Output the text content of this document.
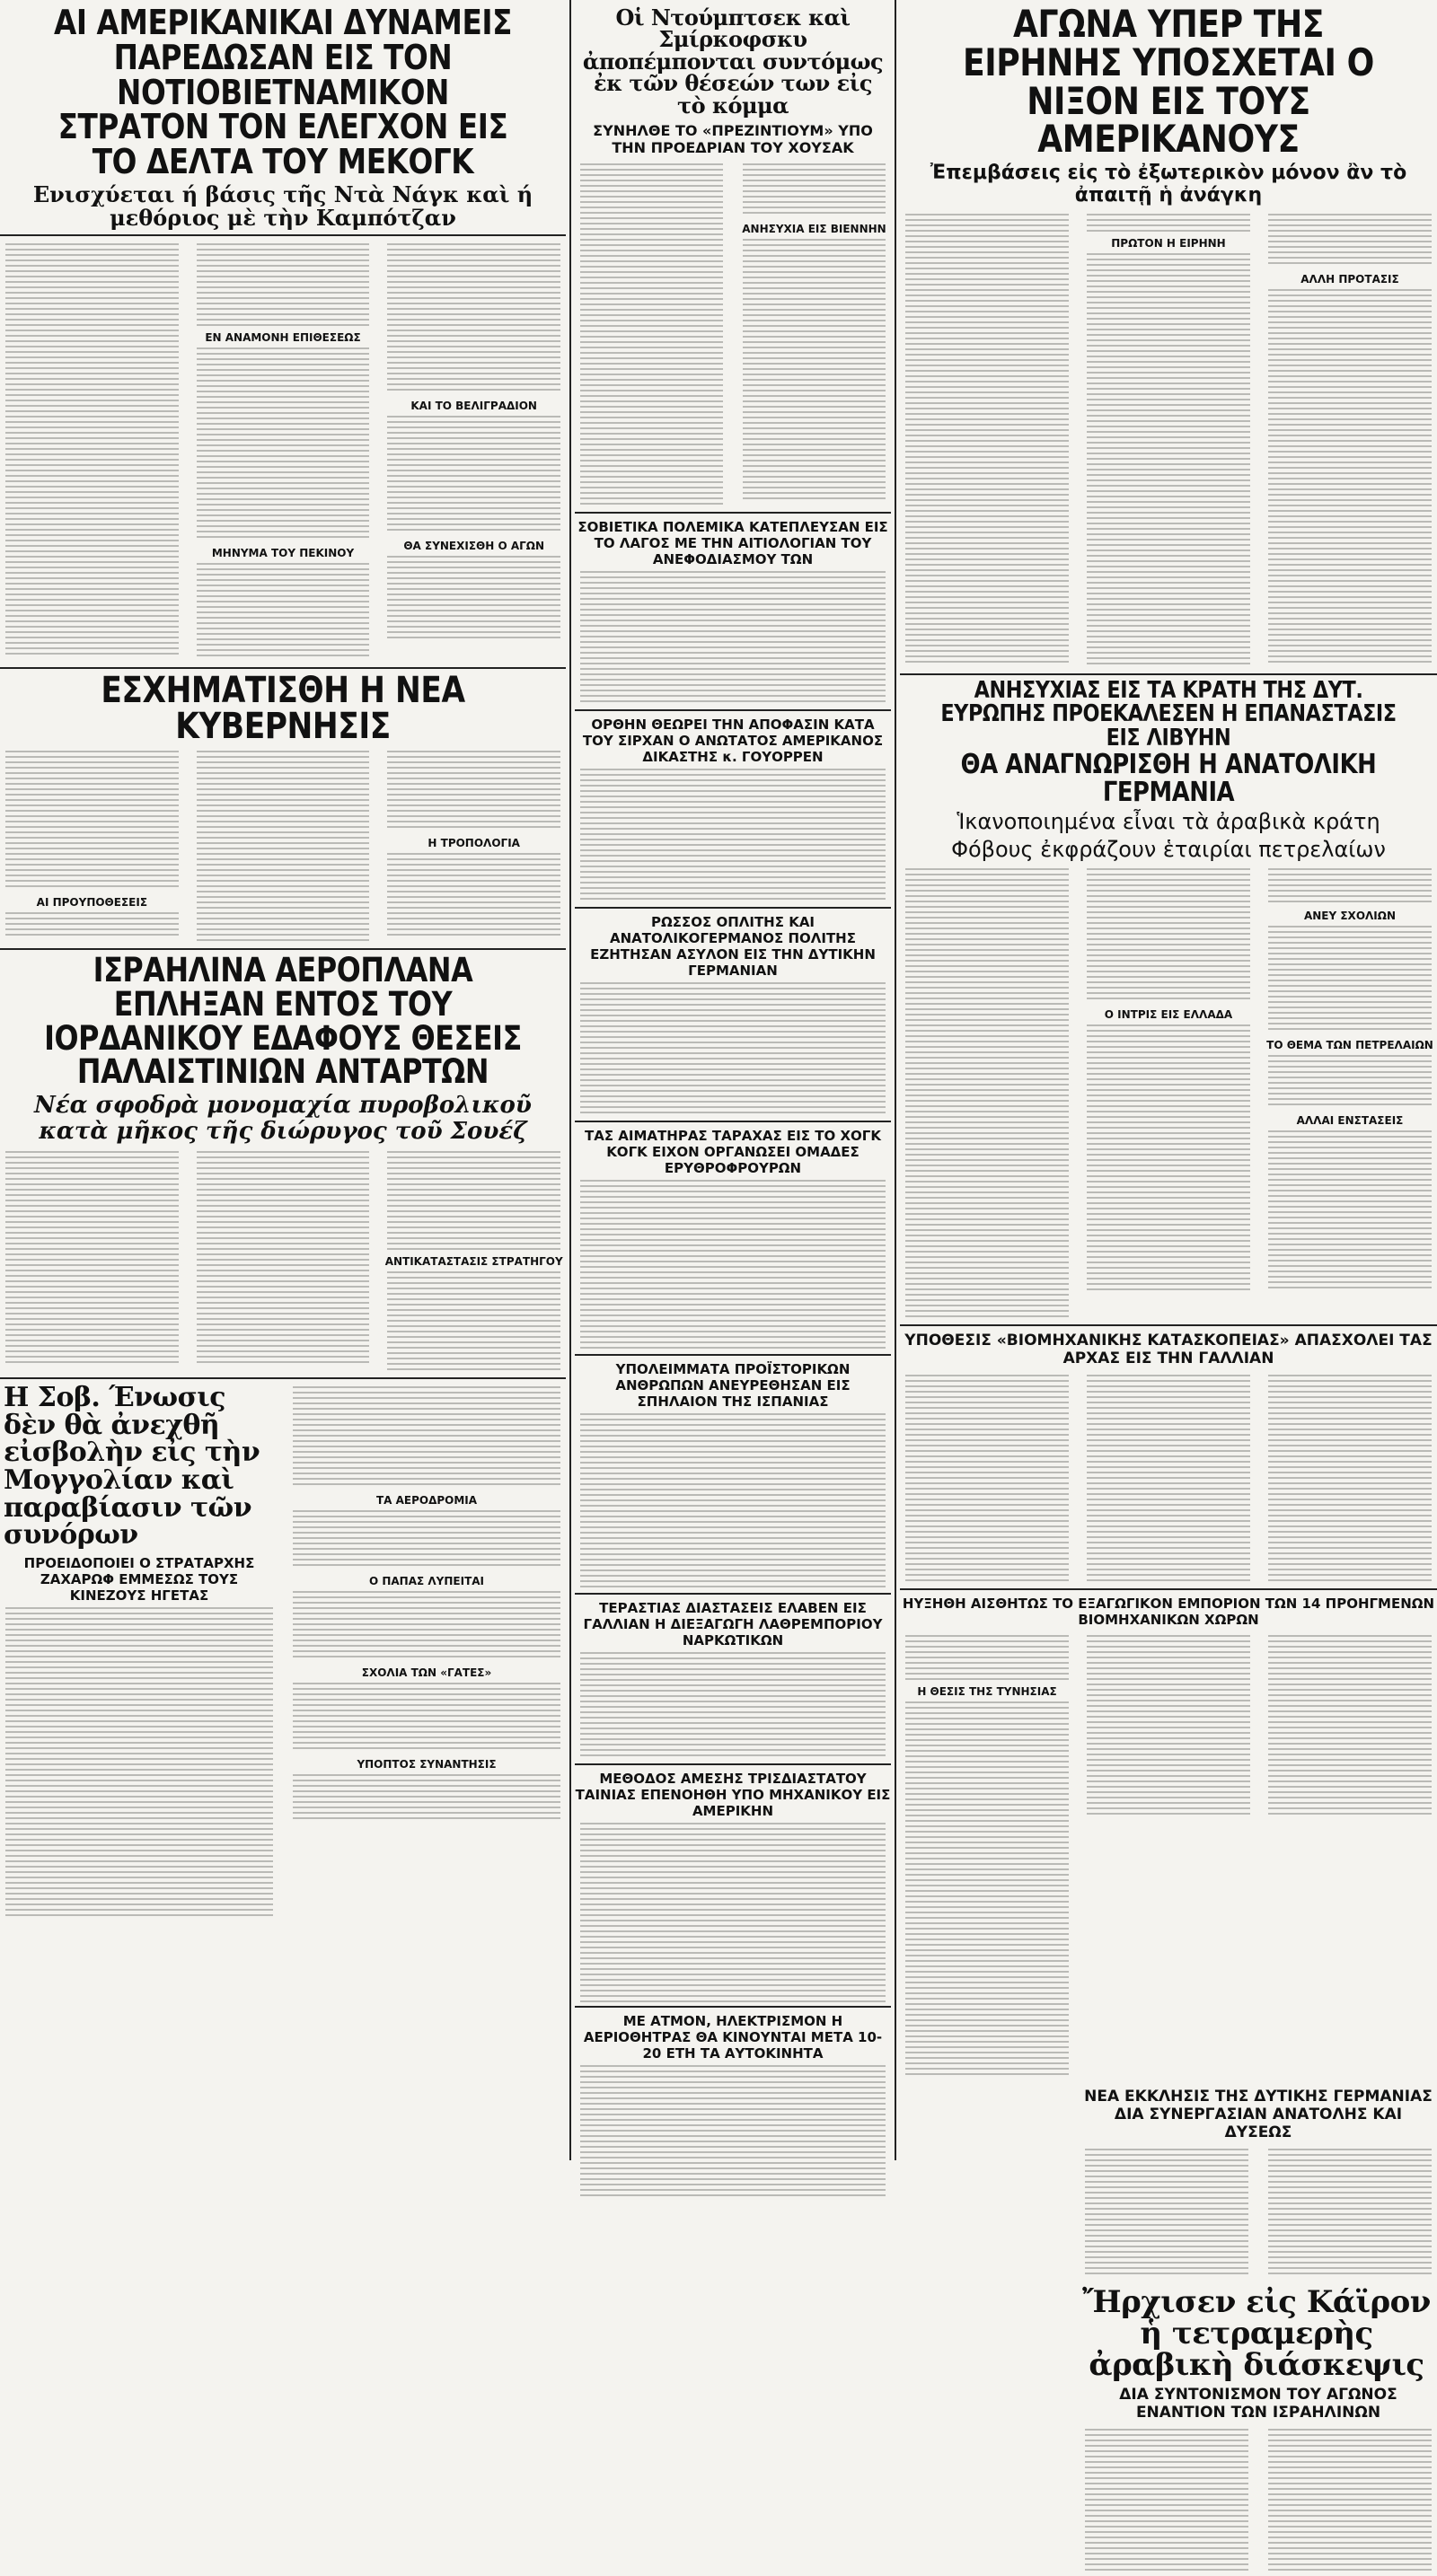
ΑΙ ΑΜΕΡΙΚΑΝΙΚΑΙ ΔΥΝΑΜΕΙΣ ΠΑΡΕΔΩΣΑΝ ΕΙΣ ΤΟΝ ΝΟΤΙΟΒΙΕΤΝΑΜΙΚΟΝ ΣΤΡΑΤΟΝ ΤΟΝ ΕΛΕΓΧΟΝ ΕΙΣ ΤΟ ΔΕΛΤΑ ΤΟΥ ΜΕΚΟΓΚ
Ενισχύεται ή βάσις τῆς Ντὰ Νάγκ καὶ ή μεθόριος μὲ τὴν Καμπότζαν
ΕΝ ΑΝΑΜΟΝΗ ΕΠΙΘΕΣΕΩΣ
ΜΗΝΥΜΑ ΤΟΥ ΠΕΚΙΝΟΥ
ΚΑΙ ΤΟ ΒΕΛΙΓΡΑΔΙΟΝ
ΘΑ ΣΥΝΕΧΙΣΘΗ Ο ΑΓΩΝ
ΕΣΧΗΜΑΤΙΣΘΗ Η ΝΕΑ ΚΥΒΕΡΝΗΣΙΣ
ΑΙ ΠΡΟΥΠΟΘΕΣΕΙΣ
Η ΤΡΟΠΟΛΟΓΙΑ
ΙΣΡΑΗΛΙΝΑ ΑΕΡΟΠΛΑΝΑ ΕΠΛΗΞΑΝ ΕΝΤΟΣ ΤΟΥ ΙΟΡΔΑΝΙΚΟΥ ΕΔΑΦΟΥΣ ΘΕΣΕΙΣ ΠΑΛΑΙΣΤΙΝΙΩΝ ΑΝΤΑΡΤΩΝ
Νέα σφοδρὰ μονομαχία πυροβολικοῦ κατὰ μῆκος τῆς διώρυγος τοῦ Σουέζ
ΑΝΤΙΚΑΤΑΣΤΑΣΙΣ ΣΤΡΑΤΗΓΟΥ
Η Σοβ. Ένωσις δὲν θὰ ἀνεχθῆ εἰσβολὴν εἰς τὴν Μογγολίαν καὶ παραβίασιν τῶν συνόρων
ΠΡΟΕΙΔΟΠΟΙΕΙ Ο ΣΤΡΑΤΑΡΧΗΣ ΖΑΧΑΡΩΦ ΕΜΜΕΣΩΣ ΤΟΥΣ ΚΙΝΕΖΟΥΣ ΗΓΕΤΑΣ
ΤΑ ΑΕΡΟΔΡΟΜΙΑ
Ο ΠΑΠΑΣ ΛΥΠΕΙΤΑΙ
ΣΧΟΛΙΑ ΤΩΝ «ΓΑΤΕΣ»
ΥΠΟΠΤΟΣ ΣΥΝΑΝΤΗΣΙΣ
Οἱ Ντούμπτσεκ καὶ Σμίρκοφσκυ ἀποπέμπονται συντόμως ἐκ τῶν θέσεών των εἰς τὸ κόμμα
ΣΥΝΗΛΘΕ ΤΟ «ΠΡΕΖΙΝΤΙΟΥΜ» ΥΠΟ ΤΗΝ ΠΡΟΕΔΡΙΑΝ ΤΟΥ ΧΟΥΣΑΚ
ΑΝΗΣΥΧΙΑ ΕΙΣ ΒΙΕΝΝΗΝ
ΣΟΒΙΕΤΙΚΑ ΠΟΛΕΜΙΚΑ ΚΑΤΕΠΛΕΥΣΑΝ ΕΙΣ ΤΟ ΛΑΓΟΣ ΜΕ ΤΗΝ ΑΙΤΙΟΛΟΓΙΑΝ ΤΟΥ ΑΝΕΦΟΔΙΑΣΜΟΥ ΤΩΝ
ΟΡΘΗΝ ΘΕΩΡΕΙ ΤΗΝ ΑΠΟΦΑΣΙΝ ΚΑΤΑ ΤΟΥ ΣΙΡΧΑΝ Ο ΑΝΩΤΑΤΟΣ ΑΜΕΡΙΚΑΝΟΣ ΔΙΚΑΣΤΗΣ κ. ΓΟΥΟΡΡΕΝ
ΡΩΣΣΟΣ ΟΠΛΙΤΗΣ ΚΑΙ ΑΝΑΤΟΛΙΚΟΓΕΡΜΑΝΟΣ ΠΟΛΙΤΗΣ ΕΖΗΤΗΣΑΝ ΑΣΥΛΟΝ ΕΙΣ ΤΗΝ ΔΥΤΙΚΗΝ ΓΕΡΜΑΝΙΑΝ
ΤΑΣ ΑΙΜΑΤΗΡΑΣ ΤΑΡΑΧΑΣ ΕΙΣ ΤΟ ΧΟΓΚ ΚΟΓΚ ΕΙΧΟΝ ΟΡΓΑΝΩΣΕΙ ΟΜΑΔΕΣ ΕΡΥΘΡΟΦΡΟΥΡΩΝ
ΥΠΟΛΕΙΜΜΑΤΑ ΠΡΟΪΣΤΟΡΙΚΩΝ ΑΝΘΡΩΠΩΝ ΑΝΕΥΡΕΘΗΣΑΝ ΕΙΣ ΣΠΗΛΑΙΟΝ ΤΗΣ ΙΣΠΑΝΙΑΣ
ΤΕΡΑΣΤΙΑΣ ΔΙΑΣΤΑΣΕΙΣ ΕΛΑΒΕΝ ΕΙΣ ΓΑΛΛΙΑΝ Η ΔΙΕΞΑΓΩΓΗ ΛΑΘΡΕΜΠΟΡΙΟΥ ΝΑΡΚΩΤΙΚΩΝ
ΜΕΘΟΔΟΣ ΑΜΕΣΗΣ ΤΡΙΣΔΙΑΣΤΑΤΟΥ ΤΑΙΝΙΑΣ ΕΠΕΝΟΗΘΗ ΥΠΟ ΜΗΧΑΝΙΚΟΥ ΕΙΣ ΑΜΕΡΙΚΗΝ
ΜΕ ΑΤΜΟΝ, ΗΛΕΚΤΡΙΣΜΟΝ Η ΑΕΡΙΟΘΗΤΡΑΣ ΘΑ ΚΙΝΟΥΝΤΑΙ ΜΕΤΑ 10-20 ΕΤΗ ΤΑ ΑΥΤΟΚΙΝΗΤΑ
ΑΓΩΝΑ ΥΠΕΡ ΤΗΣ ΕΙΡΗΝΗΣ ΥΠΟΣΧΕΤΑΙ Ο ΝΙΞΟΝ ΕΙΣ ΤΟΥΣ ΑΜΕΡΙΚΑΝΟΥΣ
Ἐπεμβάσεις εἰς τὸ ἐξωτερικὸν μόνον ἂν τὸ ἀπαιτῇ ἡ ἀνάγκη
ΠΡΩΤΟΝ Η ΕΙΡΗΝΗ
ΑΛΛΗ ΠΡΟΤΑΣΙΣ
ΑΝΗΣΥΧΙΑΣ ΕΙΣ ΤΑ ΚΡΑΤΗ ΤΗΣ ΔΥΤ. ΕΥΡΩΠΗΣ ΠΡΟΕΚΑΛΕΣΕΝ Η ΕΠΑΝΑΣΤΑΣΙΣ ΕΙΣ ΛΙΒΥΗΝ
ΘΑ ΑΝΑΓΝΩΡΙΣΘΗ Η ΑΝΑΤΟΛΙΚΗ ΓΕΡΜΑΝΙΑ
Ἱκανοποιημένα εἶναι τὰ ἀραβικὰ κράτη
Φόβους ἐκφράζουν ἑταιρίαι πετρελαίων
Ο ΙΝΤΡΙΣ ΕΙΣ ΕΛΛΑΔΑ
ΑΝΕΥ ΣΧΟΛΙΩΝ
ΤΟ ΘΕΜΑ ΤΩΝ ΠΕΤΡΕΛΑΙΩΝ
ΑΛΛΑΙ ΕΝΣΤΑΣΕΙΣ
ΥΠΟΘΕΣΙΣ «ΒΙΟΜΗΧΑΝΙΚΗΣ ΚΑΤΑΣΚΟΠΕΙΑΣ» ΑΠΑΣΧΟΛΕΙ ΤΑΣ ΑΡΧΑΣ ΕΙΣ ΤΗΝ ΓΑΛΛΙΑΝ
ΗΥΞΗΘΗ ΑΙΣΘΗΤΩΣ ΤΟ ΕΞΑΓΩΓΙΚΟΝ ΕΜΠΟΡΙΟΝ ΤΩΝ 14 ΠΡΟΗΓΜΕΝΩΝ ΒΙΟΜΗΧΑΝΙΚΩΝ ΧΩΡΩΝ
Η ΘΕΣΙΣ ΤΗΣ ΤΥΝΗΣΙΑΣ
ΝΕΑ ΕΚΚΛΗΣΙΣ ΤΗΣ ΔΥΤΙΚΗΣ ΓΕΡΜΑΝΙΑΣ ΔΙΑ ΣΥΝΕΡΓΑΣΙΑΝ ΑΝΑΤΟΛΗΣ ΚΑΙ ΔΥΣΕΩΣ
Ἤρχισεν εἰς Κάϊρον ἡ τετραμερὴς ἀραβικὴ διάσκεψις
ΔΙΑ ΣΥΝΤΟΝΙΣΜΟΝ ΤΟΥ ΑΓΩΝΟΣ ΕΝΑΝΤΙΟΝ ΤΩΝ ΙΣΡΑΗΛΙΝΩΝ
